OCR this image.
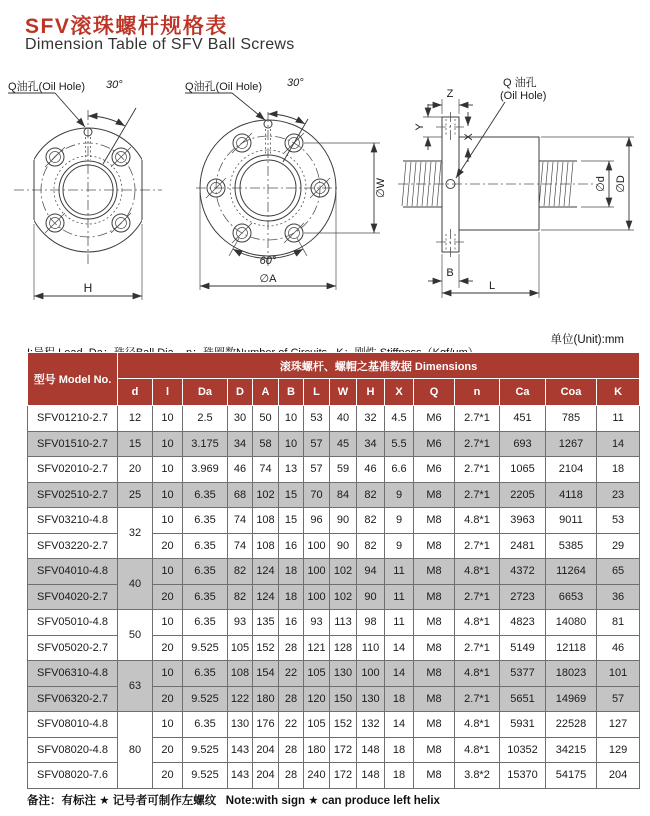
SFV滚珠螺杆规格表
Dimension Table of SFV Ball Screws
30°
Q油孔(Oil Hole)
H
30°
Q油孔(Oil Hole)
∅W
∅A
60°
Q 油孔
(Oil Hole)
Z
Y
X
∅d ∅D
B
L

单位(Unit):mm
型号 Model No.	滚珠螺杆、螺帽之基准数据 Dimensions														
	d	l	Da	D	A	B	L	W	H	X	Q	n	Ca	Coa	K
SFV01210-2.7	12	10	2.5	30	50	10	53	40	32	4.5	M6	2.7*1	451	785	11
SFV01510-2.7	15	10	3.175	34	58	10	57	45	34	5.5	M6	2.7*1	693	1267	14
SFV02010-2.7	20	10	3.969	46	74	13	57	59	46	6.6	M6	2.7*1	1065	2104	18
SFV02510-2.7	25	10	6.35	68	102	15	70	84	82	9	M8	2.7*1	2205	4118	23
SFV03210-4.8	32	10	6.35	74	108	15	96	90	82	9	M8	4.8*1	3963	9011	53
SFV03220-2.7		20	6.35	74	108	16	100	90	82	9	M8	2.7*1	2481	5385	29
SFV04010-4.8	40	10	6.35	82	124	18	100	102	94	11	M8	4.8*1	4372	11264	65
SFV04020-2.7		20	6.35	82	124	18	100	102	90	11	M8	2.7*1	2723	6653	36
SFV05010-4.8	50	10	6.35	93	135	16	93	113	98	11	M8	4.8*1	4823	14080	81
SFV05020-2.7		20	9.525	105	152	28	121	128	110	14	M8	2.7*1	5149	12118	46
SFV06310-4.8	63	10	6.35	108	154	22	105	130	100	14	M8	4.8*1	5377	18023	101
SFV06320-2.7		20	9.525	122	180	28	120	150	130	18	M8	2.7*1	5651	14969	57
SFV08010-4.8	80	10	6.35	130	176	22	105	152	132	14	M8	4.8*1	5931	22528	127
SFV08020-4.8		20	9.525	143	204	28	180	172	148	18	M8	4.8*1	10352	34215	129
SFV08020-7.6		20	9.525	143	204	28	240	172	148	18	M8	3.8*2	15370	54175	204
备注：有标注 ★ 记号者可制作左螺纹   Note:with sign ★ can produce left helix
